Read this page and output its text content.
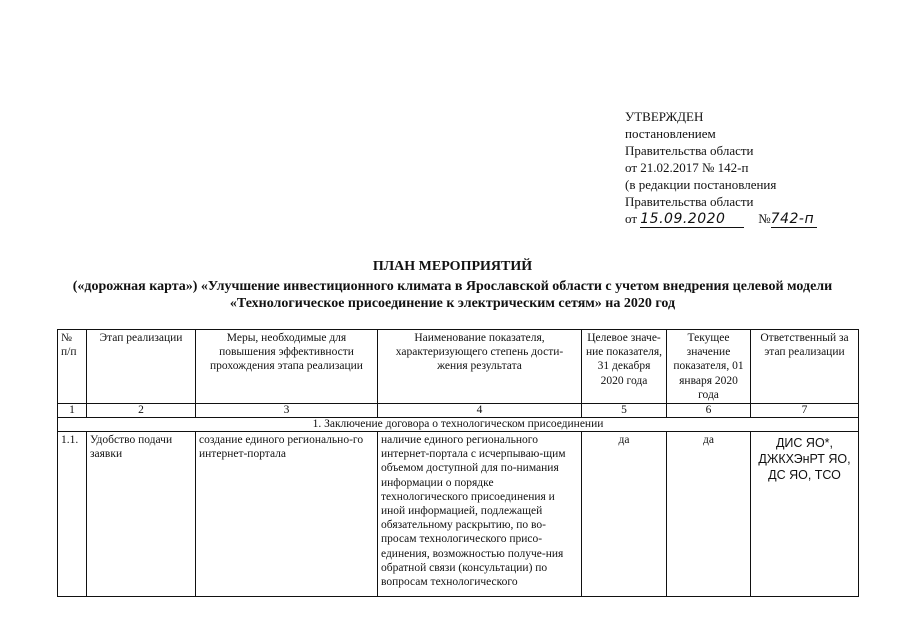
УТВЕРЖДЕН
постановлением
Правительства области
от 21.02.2017 № 142-п
(в редакции постановления
Правительства области
от 15.09.2020	№742-п
ПЛАН МЕРОПРИЯТИЙ
(«дорожная карта») «Улучшение инвестиционного климата в Ярославской области с учетом внедрения целевой модели «Технологическое присоединение к электрическим сетям» на 2020 год
№ п/п	Этап реализации	Меры, необходимые для повышения эффективности прохождения этапа реализации	Наименование показателя, характеризующего степень дости-жения результата	Целевое значе-ние показателя, 31 декабря 2020 года	Текущее значение показателя, 01 января 2020 года	Ответственный за этап реализации
1	2	3	4	5	6	7
1. Заключение договора о технологическом присоединении						
1.1.	Удобство подачи заявки	создание единого регионально-го интернет-портала	наличие единого регионального интернет-портала с исчерпываю-щим объемом доступной для по-нимания информации о порядке технологического присоединения и иной информацией, подлежащей обязательному раскрытию, по во-просам технологического присо-единения, возможностью получе-ния обратной связи (консультации) по вопросам технологического	да	да	ДИС ЯО*, ДЖКХЭнРТ ЯО, ДС ЯО, ТСО
